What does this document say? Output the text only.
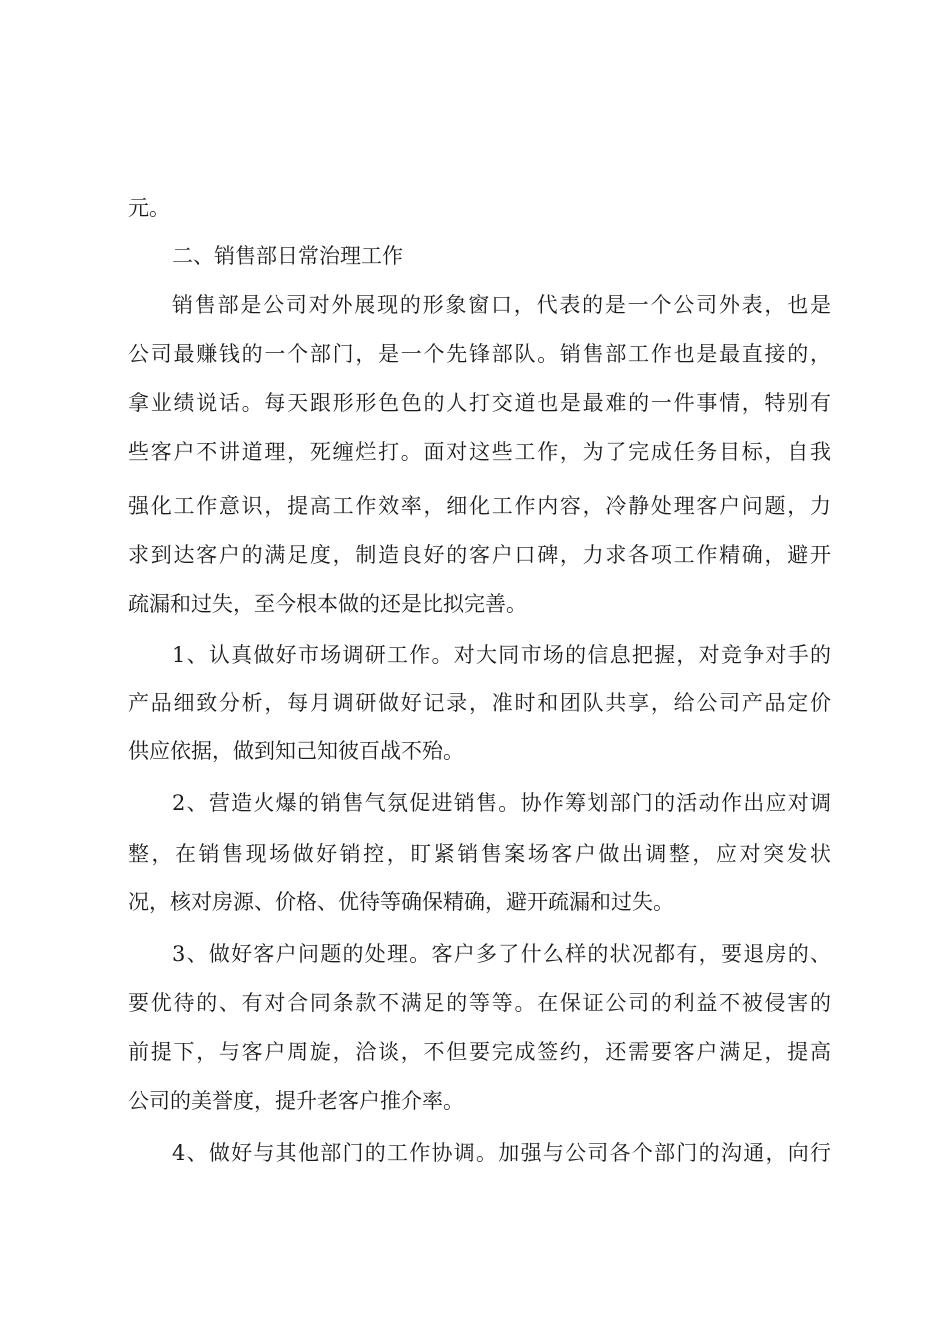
元。
二、销售部日常治理工作
销售部是公司对外展现的形象窗口，代表的是一个公司外表，也是
公司最赚钱的一个部门，是一个先锋部队。销售部工作也是最直接的，
拿业绩说话。每天跟形形色色的人打交道也是最难的一件事情，特别有
些客户不讲道理，死缠烂打。面对这些工作，为了完成任务目标，自我
强化工作意识，提高工作效率，细化工作内容，冷静处理客户问题，力
求到达客户的满足度，制造良好的客户口碑，力求各项工作精确，避开
疏漏和过失，至今根本做的还是比拟完善。
1、认真做好市场调研工作。对大同市场的信息把握，对竞争对手的
产品细致分析，每月调研做好记录，准时和团队共享，给公司产品定价
供应依据，做到知己知彼百战不殆。
2、营造火爆的销售气氛促进销售。协作筹划部门的活动作出应对调
整，在销售现场做好销控，盯紧销售案场客户做出调整，应对突发状
况，核对房源、价格、优待等确保精确，避开疏漏和过失。
3、做好客户问题的处理。客户多了什么样的状况都有，要退房的、
要优待的、有对合同条款不满足的等等。在保证公司的利益不被侵害的
前提下，与客户周旋，洽谈，不但要完成签约，还需要客户满足，提高
公司的美誉度，提升老客户推介率。
4、做好与其他部门的工作协调。加强与公司各个部门的沟通，向行
